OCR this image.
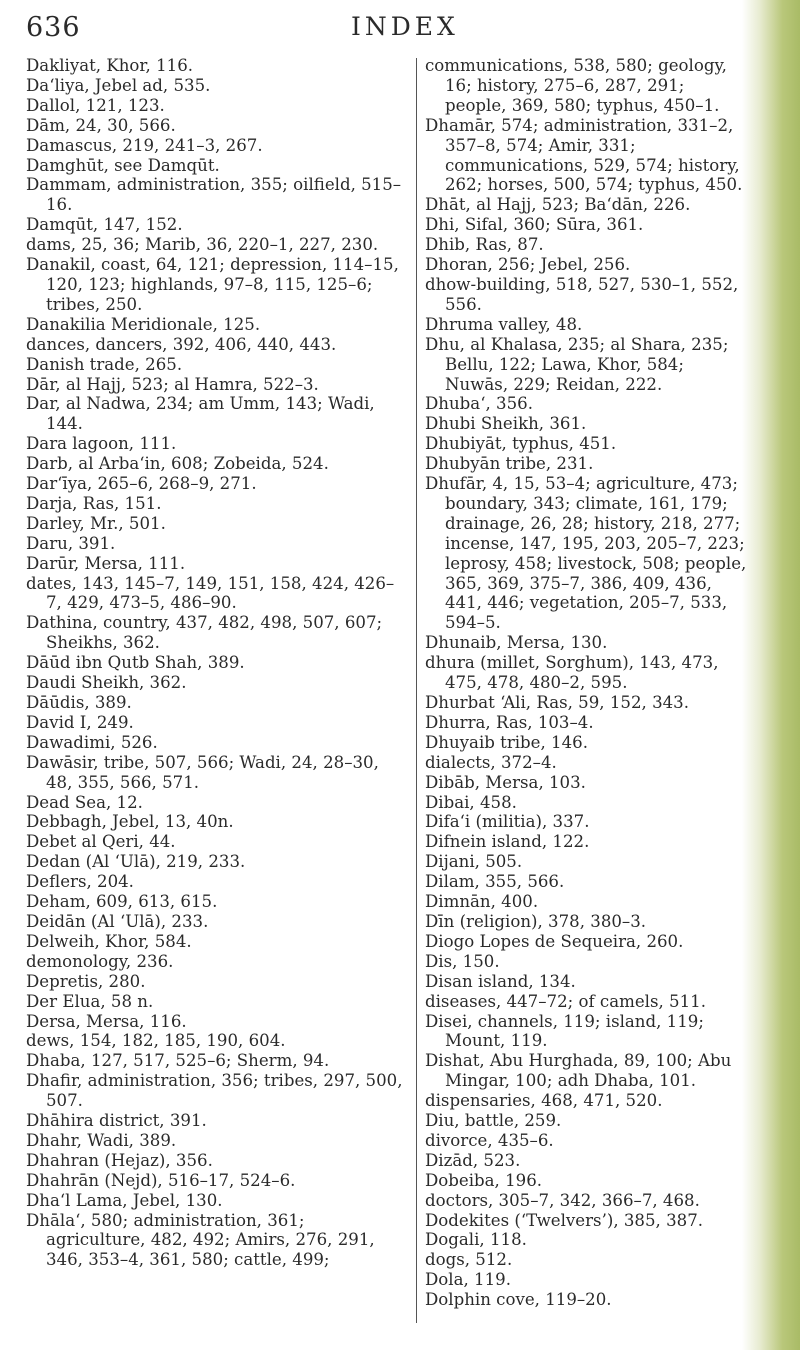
636	INDEX

Dakliyat, Khor, 116.

Da‘liya, Jebel ad, 535.

Dallol, 121, 123.

Dām, 24, 30, 566.

Damascus, 219, 241–3, 267.

Damghūt, see Damqūt.

Dammam, administration, 355; oilfield, 515–16.

Damqūt, 147, 152.

dams, 25, 36; Marib, 36, 220–1, 227, 230.

Danakil, coast, 64, 121; depression, 114–15, 120, 123; highlands, 97–8, 115, 125–6; tribes, 250.

Danakilia Meridionale, 125.

dances, dancers, 392, 406, 440, 443.

Danish trade, 265.

Dār, al Hajj, 523; al Hamra, 522–3.

Dar, al Nadwa, 234; am Umm, 143; Wadi, 144.

Dara lagoon, 111.

Darb, al Arba‘in, 608; Zobeida, 524.

Dar‘īya, 265–6, 268–9, 271.

Darja, Ras, 151.

Darley, Mr., 501.

Daru, 391.

Darūr, Mersa, 111.

dates, 143, 145–7, 149, 151, 158, 424, 426–7, 429, 473–5, 486–90.

Dathina, country, 437, 482, 498, 507, 607; Sheikhs, 362.

Dāūd ibn Qutb Shah, 389.

Daudi Sheikh, 362.

Dāūdis, 389.

David I, 249.

Dawadimi, 526.

Dawāsir, tribe, 507, 566; Wadi, 24, 28–30, 48, 355, 566, 571.

Dead Sea, 12.

Debbagh, Jebel, 13, 40n.

Debet al Qeri, 44.

Dedan (Al ‘Ulā), 219, 233.

Deflers, 204.

Deham, 609, 613, 615.

Deidān (Al ‘Ulā), 233.

Delweih, Khor, 584.

demonology, 236.

Depretis, 280.

Der Elua, 58 n.

Dersa, Mersa, 116.

dews, 154, 182, 185, 190, 604.

Dhaba, 127, 517, 525–6; Sherm, 94.

Dhafir, administration, 356; tribes, 297, 500, 507.

Dhāhira district, 391.

Dhahr, Wadi, 389.

Dhahran (Hejaz), 356.

Dhahrān (Nejd), 516–17, 524–6.

Dha‘l Lama, Jebel, 130.

Dhāla‘, 580; administration, 361; agriculture, 482, 492; Amirs, 276, 291, 346, 353–4, 361, 580; cattle, 499;

communications, 538, 580; geology, 16; history, 275–6, 287, 291; people, 369, 580; typhus, 450–1.

Dhamār, 574; administration, 331–2, 357–8, 574; Amir, 331; communications, 529, 574; history, 262; horses, 500, 574; typhus, 450.

Dhāt, al Hajj, 523; Ba‘dān, 226.

Dhi, Sifal, 360; Sūra, 361.

Dhib, Ras, 87.

Dhoran, 256; Jebel, 256.

dhow-building, 518, 527, 530–1, 552, 556.

Dhruma valley, 48.

Dhu, al Khalasa, 235; al Shara, 235; Bellu, 122; Lawa, Khor, 584; Nuwās, 229; Reidan, 222.

Dhuba‘, 356.

Dhubi Sheikh, 361.

Dhubiyāt, typhus, 451.

Dhubyān tribe, 231.

Dhufār, 4, 15, 53–4; agriculture, 473; boundary, 343; climate, 161, 179; drainage, 26, 28; history, 218, 277; incense, 147, 195, 203, 205–7, 223; leprosy, 458; livestock, 508; people, 365, 369, 375–7, 386, 409, 436, 441, 446; vegetation, 205–7, 533, 594–5.

Dhunaib, Mersa, 130.

dhura (millet, Sorghum), 143, 473, 475, 478, 480–2, 595.

Dhurbat ‘Ali, Ras, 59, 152, 343.

Dhurra, Ras, 103–4.

Dhuyaib tribe, 146.

dialects, 372–4.

Dibāb, Mersa, 103.

Dibai, 458.

Difa‘i (militia), 337.

Difnein island, 122.

Dijani, 505.

Dilam, 355, 566.

Dimnān, 400.

Dīn (religion), 378, 380–3.

Diogo Lopes de Sequeira, 260.

Dis, 150.

Disan island, 134.

diseases, 447–72; of camels, 511.

Disei, channels, 119; island, 119; Mount, 119.

Dishat, Abu Hurghada, 89, 100; Abu Mingar, 100; adh Dhaba, 101.

dispensaries, 468, 471, 520.

Diu, battle, 259.

divorce, 435–6.

Dizād, 523.

Dobeiba, 196.

doctors, 305–7, 342, 366–7, 468.

Dodekites (‘Twelvers’), 385, 387.

Dogali, 118.

dogs, 512.

Dola, 119.

Dolphin cove, 119–20.
